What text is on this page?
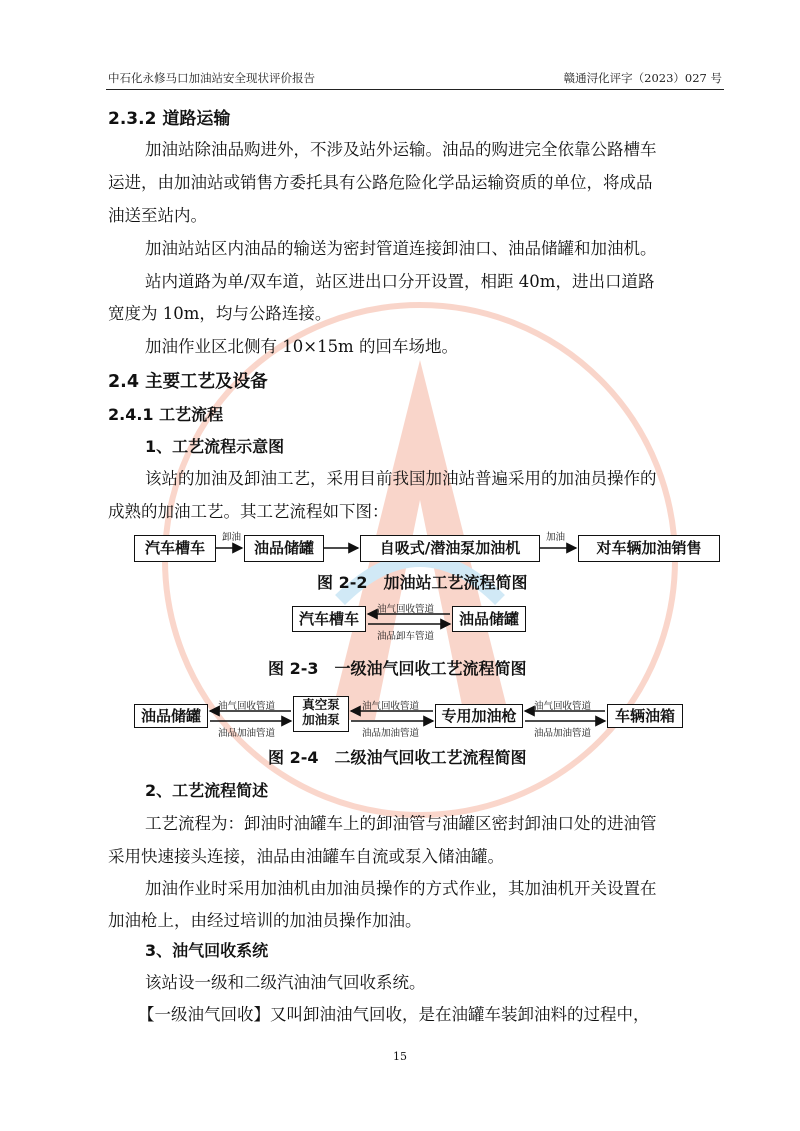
中石化永修马口加油站安全现状评价报告	赣通浔化评字（2023）027 号
2.3.2 道路运输
加油站除油品购进外，不涉及站外运输。油品的购进完全依靠公路槽车
运进，由加油站或销售方委托具有公路危险化学品运输资质的单位，将成品
油送至站内。
加油站站区内油品的输送为密封管道连接卸油口、油品储罐和加油机。
站内道路为单/双车道，站区进出口分开设置，相距 40m，进出口道路
宽度为 10m，均与公路连接。
加油作业区北侧有 10×15m 的回车场地。
2.4 主要工艺及设备
2.4.1 工艺流程
1、工艺流程示意图
该站的加油及卸油工艺，采用目前我国加油站普遍采用的加油员操作的
成熟的加油工艺。其工艺流程如下图：
汽车槽车
卸油
油品储罐	自吸式/潜油泵加油机
加油
对车辆加油销售
图 2-2　加油站工艺流程简图
汽车槽车
油气回收管道
油品卸车管道
油品储罐
图 2-3　一级油气回收工艺流程简图
油品储罐
油气回收管道
油品加油管道
真空泵
加油泵
油气回收管道
油品加油管道
专用加油枪
油气回收管道
油品加油管道
车辆油箱
图 2-4　二级油气回收工艺流程简图
2、工艺流程简述
工艺流程为：卸油时油罐车上的卸油管与油罐区密封卸油口处的进油管
采用快速接头连接，油品由油罐车自流或泵入储油罐。
加油作业时采用加油机由加油员操作的方式作业，其加油机开关设置在
加油枪上，由经过培训的加油员操作加油。
3、油气回收系统
该站设一级和二级汽油油气回收系统。
【一级油气回收】又叫卸油油气回收，是在油罐车装卸油料的过程中，
15
